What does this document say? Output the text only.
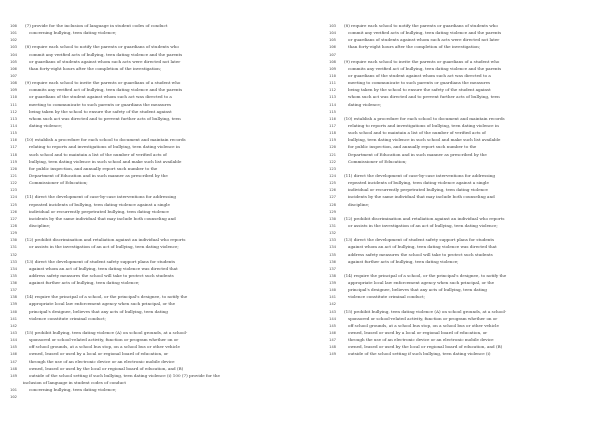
100	(7) provide for the inclusion of language in student codes of conduct
101	concerning bullying, teen dating violence;
102
103	(8) require each school to notify the parents or guardians of students who
104	commit any verified acts of bullying, teen dating violence and the parents
105	or guardians of students against whom such acts were directed not later
106	than forty-eight hours after the completion of the investigation;
107
108	(9) require each school to invite the parents or guardians of a student who
109	commits any verified act of bullying, teen dating violence and the parents
110	or guardians of the student against whom such act was directed to a
111	meeting to communicate to such parents or guardians the measures
112	being taken by the school to ensure the safety of the student against
113	whom such act was directed and to prevent further acts of bullying, teen
114	dating violence;
115
116	(10) establish a procedure for each school to document and maintain records
117	relating to reports and investigations of bullying, teen dating violence in
118	such school and to maintain a list of the number of verified acts of
119	bullying, teen dating violence in such school and make such list available
120	for public inspection, and annually report such number to the
121	Department of Education and in such manner as prescribed by the
122	Commissioner of Education;
123
124	(11) direct the development of case-by-case interventions for addressing
125	repeated incidents of bullying, teen dating violence against a single
126	individual or recurrently perpetrated bullying, teen dating violence
127	incidents by the same individual that may include both counseling and
128	discipline;
129
130	(12) prohibit discrimination and retaliation against an individual who reports
131	or assists in the investigation of an act of bullying, teen dating violence;
132
133	(13) direct the development of student safety support plans for students
134	against whom an act of bullying, teen dating violence was directed that
135	address safety measures the school will take to protect such students
136	against further acts of bullying, teen dating violence;
137
138	(14) require the principal of a school, or the principal's designee, to notify the
139	appropriate local law enforcement agency when such principal, or the
140	principal's designee, believes that any acts of bullying, teen dating
141	violence constitute criminal conduct;
142
143	(15) prohibit bullying, teen dating violence (A) on school grounds, at a school-
144	sponsored or school-related activity, function or program whether on or
145	off school grounds, at a school bus stop, on a school bus or other vehicle
146	owned, leased or used by a local or regional board of education, or
147	through the use of an electronic device or an electronic mobile device
148	owned, leased or used by the local or regional board of education, and (B)
149	outside of the school setting if such bullying, teen dating violence (i) 100 (7) provide for the
inclusion of language in student codes of conduct
101	concerning bullying, teen dating violence;
102
103	(8) require each school to notify the parents or guardians of students who
104	commit any verified acts of bullying, teen dating violence and the parents
105	or guardians of students against whom such acts were directed not later
106	than forty-eight hours after the completion of the investigation;
107
108	(9) require each school to invite the parents or guardians of a student who
109	commits any verified act of bullying, teen dating violence and the parents
110	or guardians of the student against whom such act was directed to a
111	meeting to communicate to such parents or guardians the measures
112	being taken by the school to ensure the safety of the student against
113	whom such act was directed and to prevent further acts of bullying, teen
114	dating violence;
115
116	(10) establish a procedure for each school to document and maintain records
117	relating to reports and investigations of bullying, teen dating violence in
118	such school and to maintain a list of the number of verified acts of
119	bullying, teen dating violence in such school and make such list available
120	for public inspection, and annually report such number to the
121	Department of Education and in such manner as prescribed by the
122	Commissioner of Education;
123
124	(11) direct the development of case-by-case interventions for addressing
125	repeated incidents of bullying, teen dating violence against a single
126	individual or recurrently perpetrated bullying, teen dating violence
127	incidents by the same individual that may include both counseling and
128	discipline;
129
130	(12) prohibit discrimination and retaliation against an individual who reports
131	or assists in the investigation of an act of bullying, teen dating violence;
132
133	(13) direct the development of student safety support plans for students
134	against whom an act of bullying, teen dating violence was directed that
135	address safety measures the school will take to protect such students
136	against further acts of bullying, teen dating violence;
137
138	(14) require the principal of a school, or the principal's designee, to notify the
139	appropriate local law enforcement agency when such principal, or the
140	principal's designee, believes that any acts of bullying, teen dating
141	violence constitute criminal conduct;
142
143	(15) prohibit bullying, teen dating violence (A) on school grounds, at a school-
144	sponsored or school-related activity, function or program whether on or
145	off school grounds, at a school bus stop, on a school bus or other vehicle
146	owned, leased or used by a local or regional board of education, or
147	through the use of an electronic device or an electronic mobile device
148	owned, leased or used by the local or regional board of education, and (B)
149	outside of the school setting if such bullying, teen dating violence (i)
